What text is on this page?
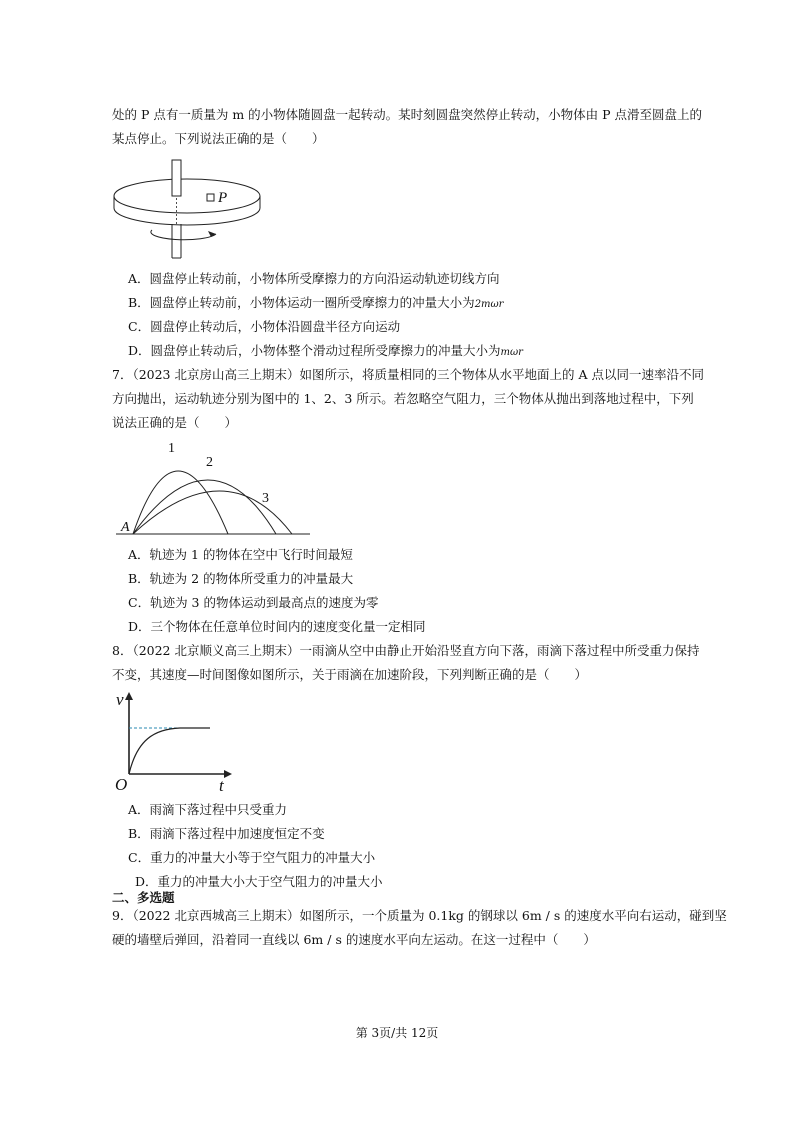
处的 P 点有一质量为 m 的小物体随圆盘一起转动。某时刻圆盘突然停止转动，小物体由 P 点滑至圆盘上的
某点停止。下列说法正确的是（　　）
P
A．圆盘停止转动前，小物体所受摩擦力的方向沿运动轨迹切线方向
B．圆盘停止转动前，小物体运动一圈所受摩擦力的冲量大小为2mωr
C．圆盘停止转动后，小物体沿圆盘半径方向运动
D．圆盘停止转动后，小物体整个滑动过程所受摩擦力的冲量大小为mωr
7．（2023 北京房山高三上期末）如图所示，将质量相同的三个物体从水平地面上的 A 点以同一速率沿不同
方向抛出，运动轨迹分别为图中的 1、2、3 所示。若忽略空气阻力，三个物体从抛出到落地过程中，下列
说法正确的是（　　）
1
2
3
A
A．轨迹为 1 的物体在空中飞行时间最短
B．轨迹为 2 的物体所受重力的冲量最大
C．轨迹为 3 的物体运动到最高点的速度为零
D．三个物体在任意单位时间内的速度变化量一定相同
8．（2022 北京顺义高三上期末）一雨滴从空中由静止开始沿竖直方向下落，雨滴下落过程中所受重力保持
不变，其速度—时间图像如图所示，关于雨滴在加速阶段，下列判断正确的是（　　）
v
O	t
A．雨滴下落过程中只受重力
B．雨滴下落过程中加速度恒定不变
C．重力的冲量大小等于空气阻力的冲量大小
D．重力的冲量大小大于空气阻力的冲量大小
二、多选题
9．（2022 北京西城高三上期末）如图所示，一个质量为 0.1kg 的钢球以 6m / s 的速度水平向右运动，碰到坚
硬的墙壁后弹回，沿着同一直线以 6m / s 的速度水平向左运动。在这一过程中（　　）
第 3页/共 12页
